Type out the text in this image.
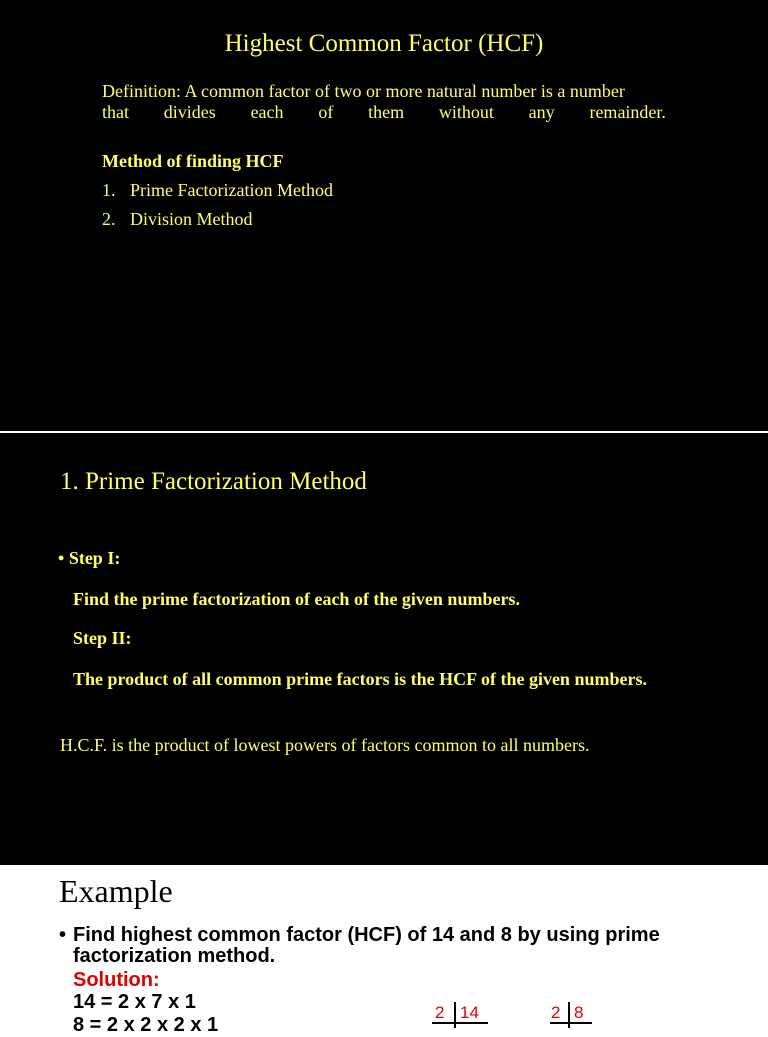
Highest Common Factor (HCF)
Definition: A common factor of two or more natural number is a number
that divides each of them without any remainder.
Method of finding HCF
1. Prime Factorization Method
2. Division Method
1. Prime Factorization Method
• Step I:
Find the prime factorization of each of the given numbers.
Step II:
The product of all common prime factors is the HCF of the given numbers.
H.C.F. is the product of lowest powers of factors common to all numbers.
Example
• Find highest common factor (HCF) of 14 and 8 by using prime factorization method.
Solution:
14 = 2 x 7 x 1
8 = 2 x 2 x 2 x 1
2 14	2 8
